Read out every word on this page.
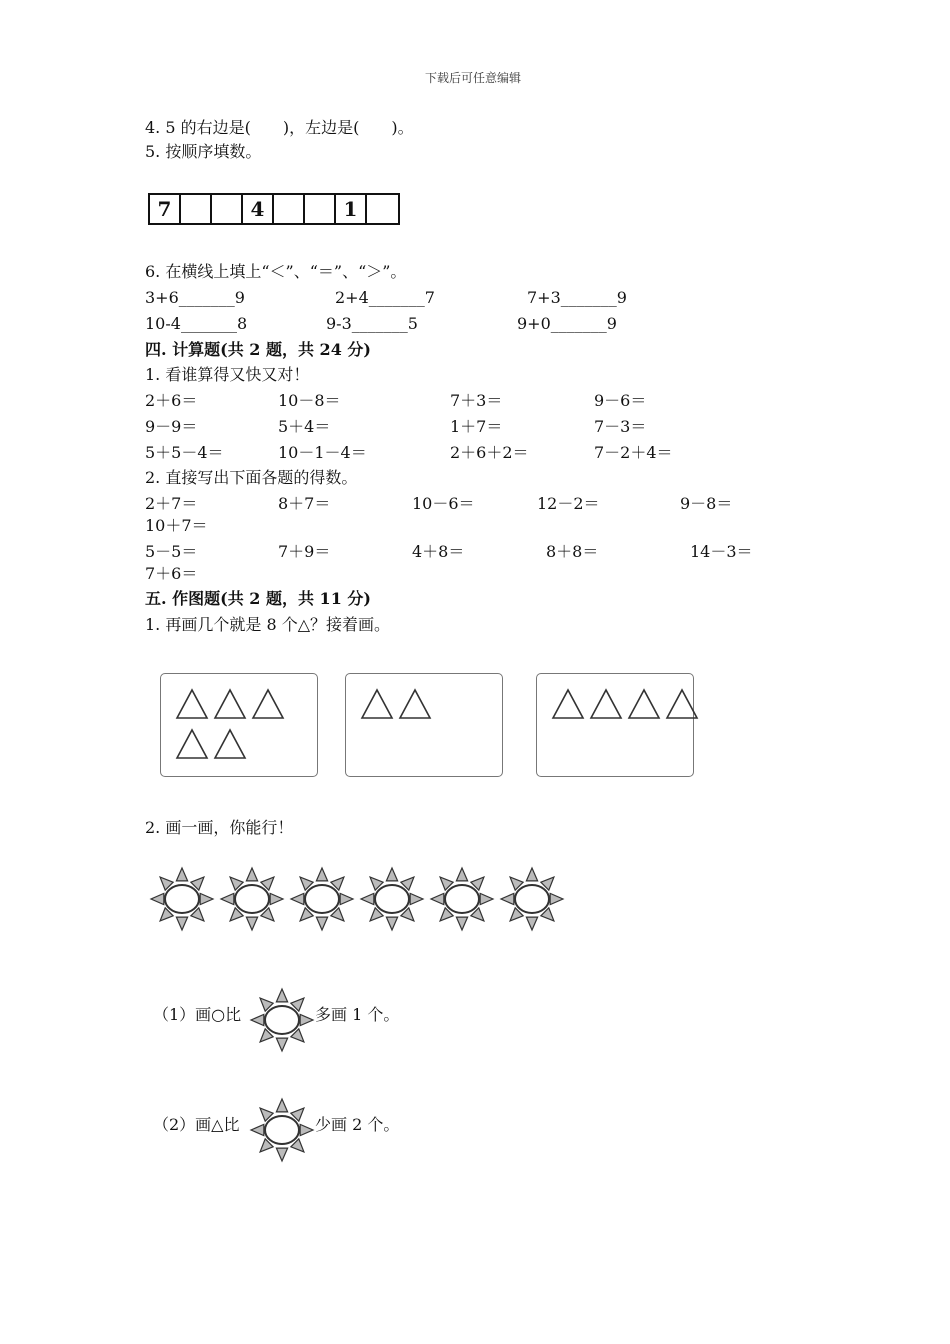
下载后可任意编辑
4. 5 的右边是(　　)，左边是(　　)。
5. 按顺序填数。
7	4	1
6. 在横线上填上“＜”、“＝”、“＞”。
3+6_______9	2+4_______7	7+3_______9
10-4_______8	9-3_______5	9+0_______9
四. 计算题(共 2 题，共 24 分)
1. 看谁算得又快又对！
2＋6＝	10－8＝	7＋3＝	9－6＝
9－9＝	5＋4＝	1＋7＝	7－3＝
5＋5－4＝	10－1－4＝	2＋6＋2＝	7－2＋4＝
2. 直接写出下面各题的得数。
2＋7＝	8＋7＝	10－6＝	12－2＝	9－8＝
10＋7＝
5－5＝	7＋9＝	4＋8＝	8＋8＝	14－3＝
7＋6＝
五. 作图题(共 2 题，共 11 分)
1. 再画几个就是 8 个△？接着画。
2. 画一画，你能行！
（1）画○比	多画 1 个。
（2）画△比	少画 2 个。
